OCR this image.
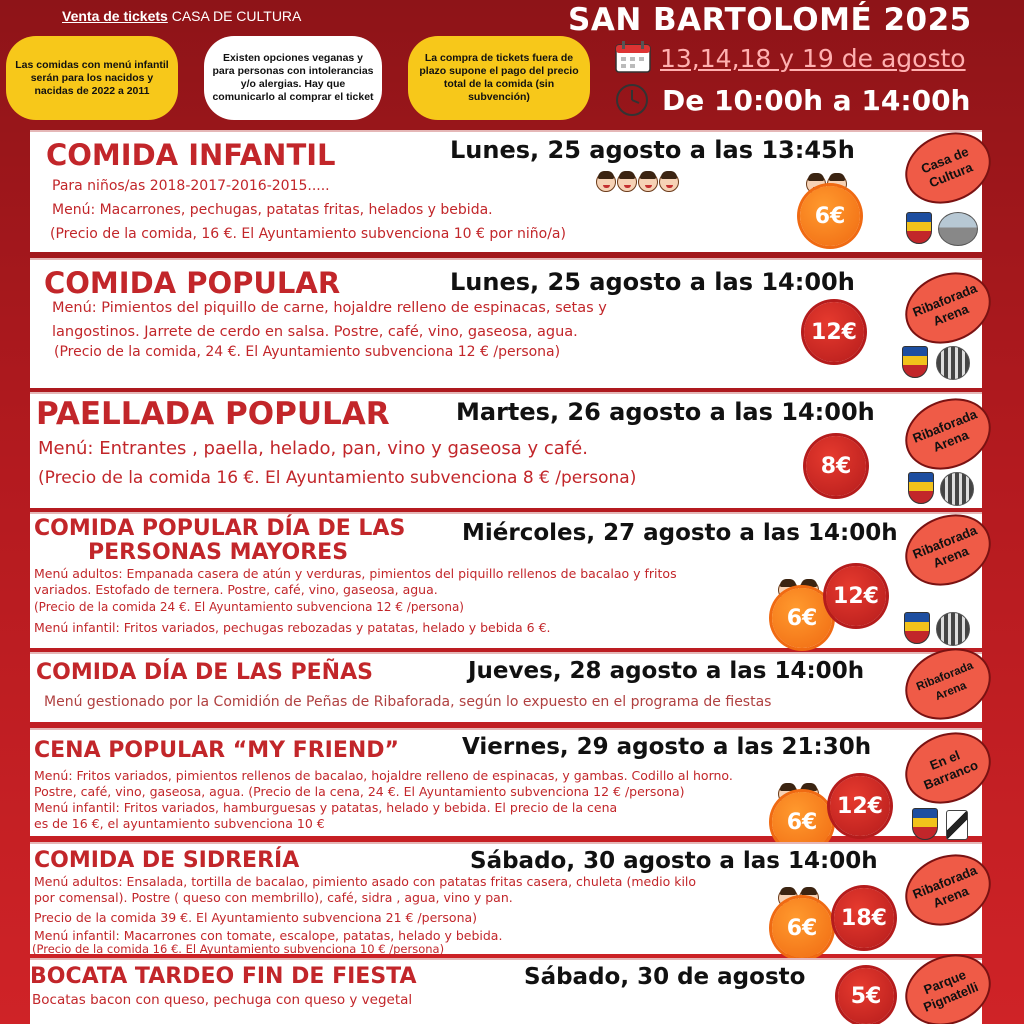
Venta de tickets CASA DE CULTURA
Las comidas con menú infantil serán para los nacidos y nacidas de 2022 a 2011
Existen opciones veganas y para personas con intolerancias y/o alergias. Hay que comunicarlo al comprar el ticket
La compra de tickets fuera de plazo supone el pago del precio total de la comida (sin subvención)
SAN BARTOLOMÉ 2025
13,14,18 y 19 de agosto
De 10:00h a 14:00h
COMIDA INFANTIL	Lunes, 25 agosto a las 13:45h
Para niños/as 2018-2017-2016-2015.....
Menú: Macarrones, pechugas, patatas fritas, helados y bebida.
(Precio de la comida, 16 €. El Ayuntamiento subvenciona 10 € por niño/a)
6€
Casa de Cultura
COMIDA POPULAR	Lunes, 25 agosto a las 14:00h
Menú: Pimientos del piquillo de carne, hojaldre relleno de espinacas, setas y
langostinos. Jarrete de cerdo en salsa. Postre, café, vino, gaseosa, agua.
(Precio de la comida, 24 €. El Ayuntamiento subvenciona 12 € /persona)
12€
Ribaforada Arena
PAELLADA POPULAR	Martes, 26 agosto a las 14:00h
Menú: Entrantes , paella, helado, pan, vino y gaseosa y café.
(Precio de la comida 16 €. El Ayuntamiento subvenciona 8 € /persona)	8€
Ribaforada Arena
COMIDA POPULAR DÍA DE LAS
PERSONAS MAYORES
Miércoles, 27 agosto a las 14:00h
Menú adultos: Empanada casera de atún y verduras, pimientos del piquillo rellenos de bacalao y fritos
variados. Estofado de ternera. Postre, café, vino, gaseosa, agua.
(Precio de la comida 24 €. El Ayuntamiento subvenciona 12 € /persona)
Menú infantil: Fritos variados, pechugas rebozadas y patatas, helado y bebida 6 €.	6€
12€
Ribaforada Arena
COMIDA DÍA DE LAS PEÑAS	Jueves, 28 agosto a las 14:00h
Menú gestionado por la Comidión de Peñas de Ribaforada, según lo expuesto en el programa de fiestas
Ribaforada Arena
CENA POPULAR “MY FRIEND”	Viernes, 29 agosto a las 21:30h
Menú: Fritos variados, pimientos rellenos de bacalao, hojaldre relleno de espinacas, y gambas. Codillo al horno.
Postre, café, vino, gaseosa, agua. (Precio de la cena, 24 €. El Ayuntamiento subvenciona 12 € /persona)
Menú infantil: Fritos variados, hamburguesas y patatas, helado y bebida. El precio de la cena
es de 16 €, el ayuntamiento subvenciona 10 €	6€
12€
En el Barranco
COMIDA DE SIDRERÍA	Sábado, 30 agosto a las 14:00h
Menú adultos: Ensalada, tortilla de bacalao, pimiento asado con patatas fritas casera, chuleta (medio kilo
por comensal). Postre ( queso con membrillo), café, sidra , agua, vino y pan.
Precio de la comida 39 €. El Ayuntamiento subvenciona 21 € /persona)
Menú infantil: Macarrones con tomate, escalope, patatas, helado y bebida.
(Precio de la comida 16 €. El Ayuntamiento subvenciona 10 € /persona)
6€	18€
Ribaforada Arena
BOCATA TARDEO FIN DE FIESTA	Sábado, 30 de agosto
Bocatas bacon con queso, pechuga con queso y vegetal	5€	Parque Pignatelli
